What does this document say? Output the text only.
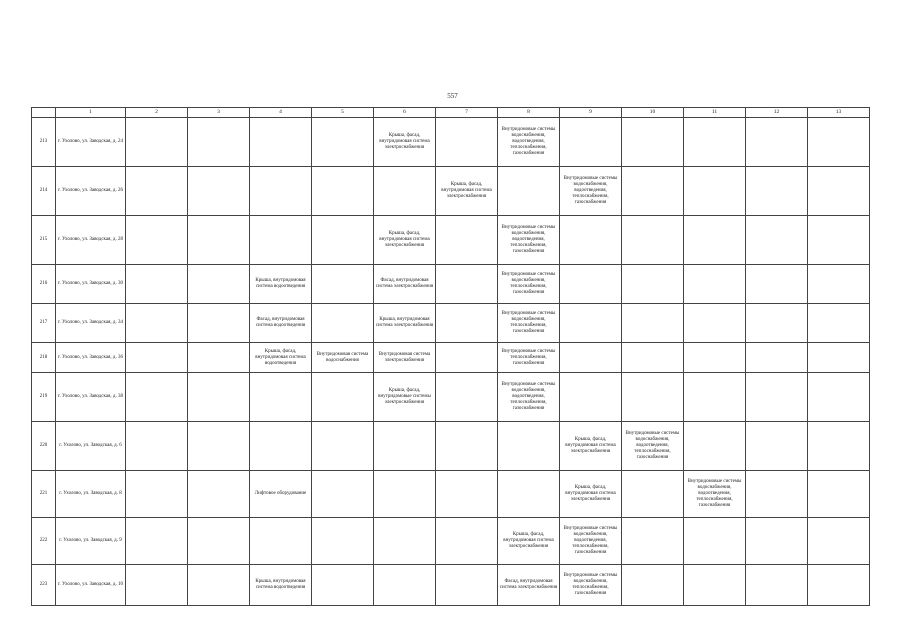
557
	1	2	3	4	5	6	7	8	9	10	11	12	13
213	г. Ухолово, ул. Заводская, д. 24					Крыша, фасад, внутридомовая система электроснабжения		Внутридомовые системы водоснабжения, водоотведения, теплоснабжения, газоснабжения					

214	г. Ухолово, ул. Заводская, д. 26						Крыша, фасад, внутридомовая система электроснабжения		Внутридомовые системы водоснабжения, водоотведения, теплоснабжения, газоснабжения				

215	г. Ухолово, ул. Заводская, д. 28					Крыша, фасад, внутридомовая система электроснабжения		Внутридомовые системы водоснабжения, водоотведения, теплоснабжения, газоснабжения					

216	г. Ухолово, ул. Заводская, д. 30			Крыша, внутридомовая система водоотведения		Фасад, внутридомовая система электроснабжения		Внутридомовые системы водоснабжения, теплоснабжения, газоснабжения					

217	г. Ухолово, ул. Заводская, д. 34			Фасад, внутридомовая система водоотведения		Крыша, внутридомовая система электроснабжения		Внутридомовые системы водоснабжения, теплоснабжения, газоснабжения					

218	г. Ухолово, ул. Заводская, д. 36			Крыша, фасад, внутридомовая система водоотведения	Внутридомовая система водоснабжения	Внутридомовая система электроснабжения		Внутридомовые системы теплоснабжения, газоснабжения					

219	г. Ухолово, ул. Заводская, д. 38					Крыша, фасад, внутридомовые системы электроснабжения		Внутридомовые системы водоснабжения, водоотведения, теплоснабжения, газоснабжения					

220	г. Ухолово, ул. Заводская, д. 6								Крыша, фасад, внутридомовая система электроснабжения	Внутридомовые системы водоснабжения, водоотведения, теплоснабжения, газоснабжения			

221	г. Ухолово, ул. Заводская, д. 8			Лифтовое оборудование					Крыша, фасад, внутридомовая система электроснабжения		Внутридомовые системы водоснабжения, водоотведения, теплоснабжения, газоснабжения		

222	г. Ухолово, ул. Заводская, д. 9							Крыша, фасад, внутридомовая система электроснабжения	Внутридомовые системы водоснабжения, водоотведения, теплоснабжения, газоснабжения				

223	г. Ухолово, ул. Заводская, д. 10			Крыша, внутридомовая система водоотведения				Фасад, внутридомовая система электроснабжения	Внутридомовые системы водоснабжения, теплоснабжения, газоснабжения				
